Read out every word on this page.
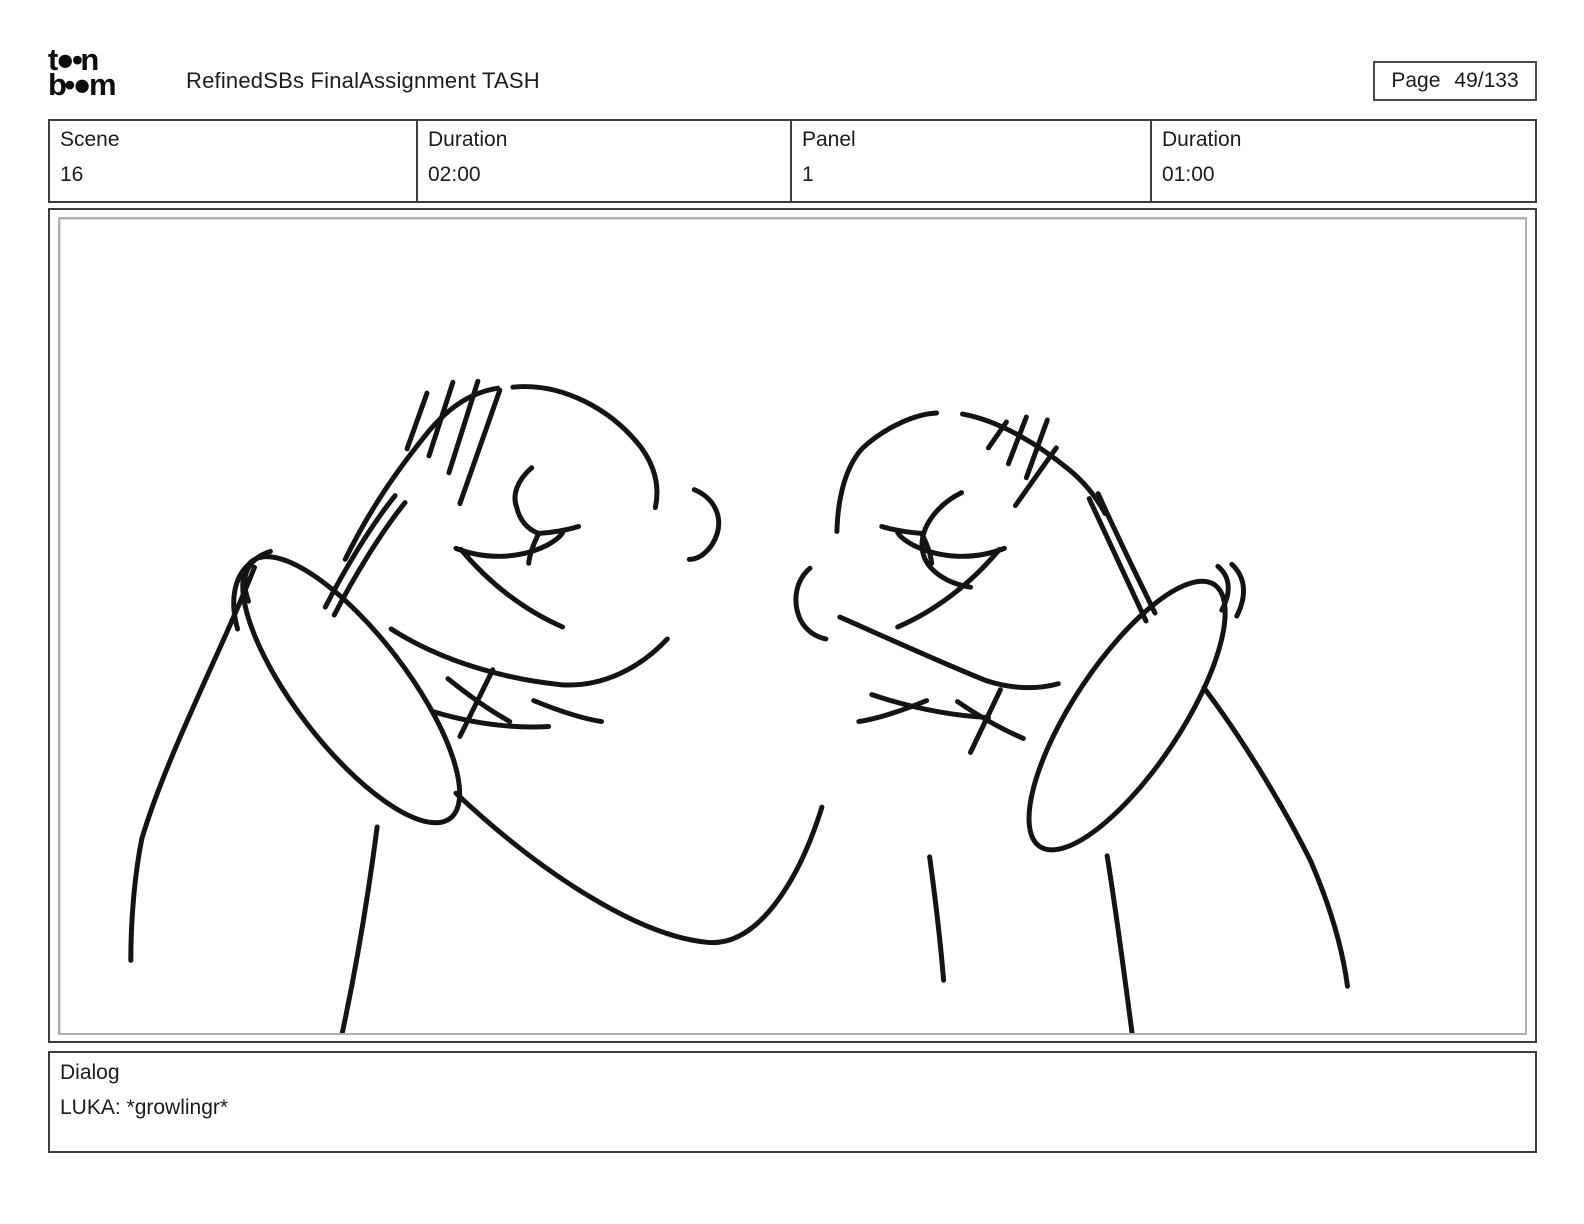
t●•n
b•●m	RefinedSBs FinalAssignment TASH	Page 49/133
Scene
16
Duration
02:00
Panel
1
Duration
01:00
Dialog
LUKA: *growlingr*
